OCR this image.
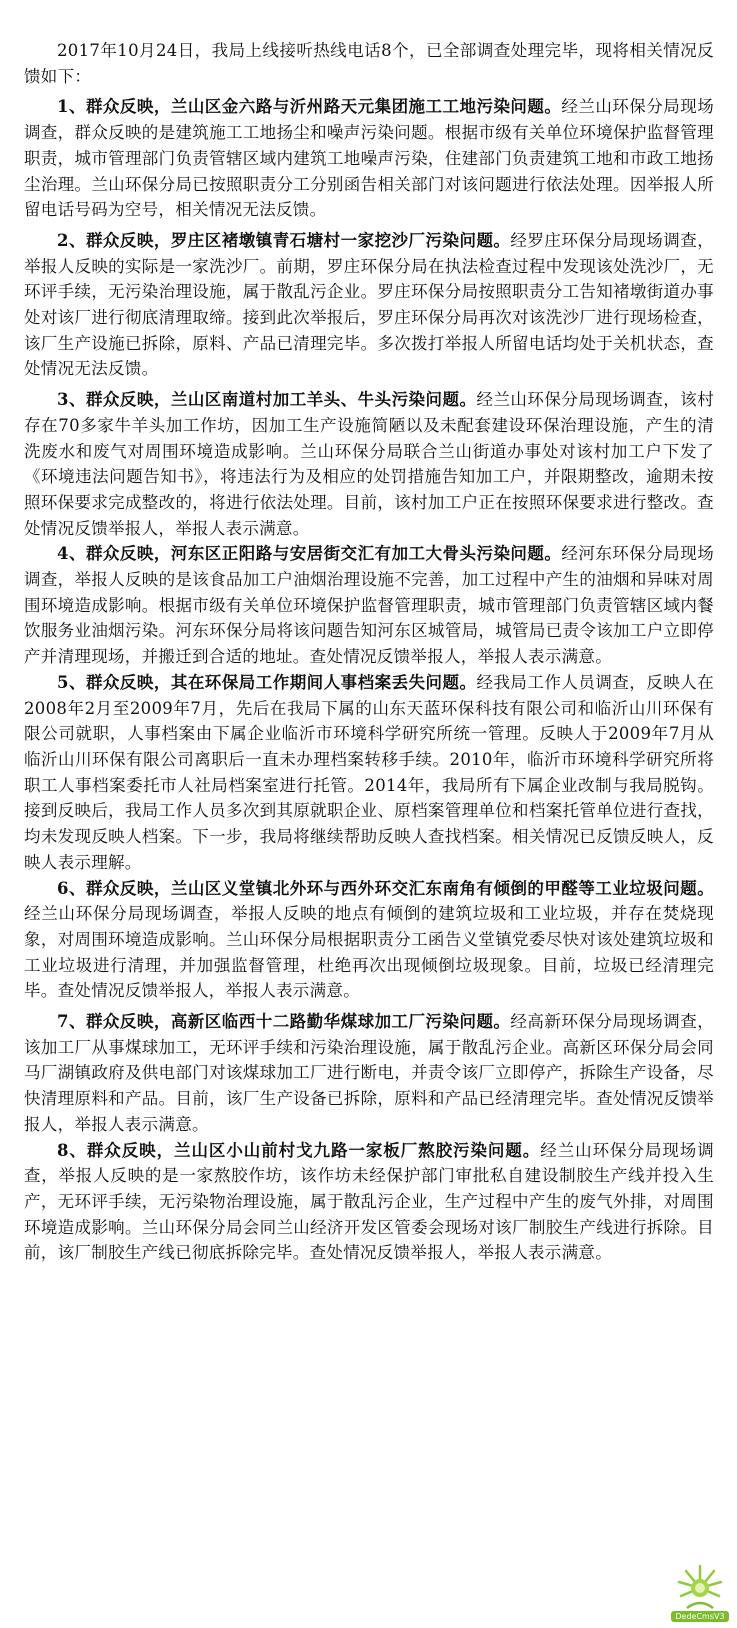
2017年10月24日，我局上线接听热线电话8个，已全部调查处理完毕，现将相关情况反馈如下：

1、群众反映，兰山区金六路与沂州路天元集团施工工地污染问题。经兰山环保分局现场调查，群众反映的是建筑施工工地扬尘和噪声污染问题。根据市级有关单位环境保护监督管理职责，城市管理部门负责管辖区域内建筑工地噪声污染，住建部门负责建筑工地和市政工地扬尘治理。兰山环保分局已按照职责分工分别函告相关部门对该问题进行依法处理。因举报人所留电话号码为空号，相关情况无法反馈。

2、群众反映，罗庄区褚墩镇青石塘村一家挖沙厂污染问题。经罗庄环保分局现场调查，举报人反映的实际是一家洗沙厂。前期，罗庄环保分局在执法检查过程中发现该处洗沙厂，无环评手续，无污染治理设施，属于散乱污企业。罗庄环保分局按照职责分工告知褚墩街道办事处对该厂进行彻底清理取缔。接到此次举报后，罗庄环保分局再次对该洗沙厂进行现场检查，该厂生产设施已拆除，原料、产品已清理完毕。多次拨打举报人所留电话均处于关机状态，查处情况无法反馈。

3、群众反映，兰山区南道村加工羊头、牛头污染问题。经兰山环保分局现场调查，该村存在70多家牛羊头加工作坊，因加工生产设施简陋以及未配套建设环保治理设施，产生的清洗废水和废气对周围环境造成影响。兰山环保分局联合兰山街道办事处对该村加工户下发了《环境违法问题告知书》，将违法行为及相应的处罚措施告知加工户，并限期整改，逾期未按照环保要求完成整改的，将进行依法处理。目前，该村加工户正在按照环保要求进行整改。查处情况反馈举报人，举报人表示满意。

4、群众反映，河东区正阳路与安居街交汇有加工大骨头污染问题。经河东环保分局现场调查，举报人反映的是该食品加工户油烟治理设施不完善，加工过程中产生的油烟和异味对周围环境造成影响。根据市级有关单位环境保护监督管理职责，城市管理部门负责管辖区域内餐饮服务业油烟污染。河东环保分局将该问题告知河东区城管局，城管局已责令该加工户立即停产并清理现场，并搬迁到合适的地址。查处情况反馈举报人，举报人表示满意。

5、群众反映，其在环保局工作期间人事档案丢失问题。经我局工作人员调查，反映人在2008年2月至2009年7月，先后在我局下属的山东天蓝环保科技有限公司和临沂山川环保有限公司就职，人事档案由下属企业临沂市环境科学研究所统一管理。反映人于2009年7月从临沂山川环保有限公司离职后一直未办理档案转移手续。2010年，临沂市环境科学研究所将职工人事档案委托市人社局档案室进行托管。2014年，我局所有下属企业改制与我局脱钩。接到反映后，我局工作人员多次到其原就职企业、原档案管理单位和档案托管单位进行查找，均未发现反映人档案。下一步，我局将继续帮助反映人查找档案。相关情况已反馈反映人，反映人表示理解。

6、群众反映，兰山区义堂镇北外环与西外环交汇东南角有倾倒的甲醛等工业垃圾问题。经兰山环保分局现场调查，举报人反映的地点有倾倒的建筑垃圾和工业垃圾，并存在焚烧现象，对周围环境造成影响。兰山环保分局根据职责分工函告义堂镇党委尽快对该处建筑垃圾和工业垃圾进行清理，并加强监督管理，杜绝再次出现倾倒垃圾现象。目前，垃圾已经清理完毕。查处情况反馈举报人，举报人表示满意。

7、群众反映，高新区临西十二路勤华煤球加工厂污染问题。经高新环保分局现场调查，该加工厂从事煤球加工，无环评手续和污染治理设施，属于散乱污企业。高新区环保分局会同马厂湖镇政府及供电部门对该煤球加工厂进行断电，并责令该厂立即停产，拆除生产设备，尽快清理原料和产品。目前，该厂生产设备已拆除，原料和产品已经清理完毕。查处情况反馈举报人，举报人表示满意。

8、群众反映，兰山区小山前村戈九路一家板厂熬胶污染问题。经兰山环保分局现场调查，举报人反映的是一家熬胶作坊，该作坊未经保护部门审批私自建设制胶生产线并投入生产，无环评手续，无污染物治理设施，属于散乱污企业，生产过程中产生的废气外排，对周围环境造成影响。兰山环保分局会同兰山经济开发区管委会现场对该厂制胶生产线进行拆除。目前，该厂制胶生产线已彻底拆除完毕。查处情况反馈举报人，举报人表示满意。

DedeCmsV3
